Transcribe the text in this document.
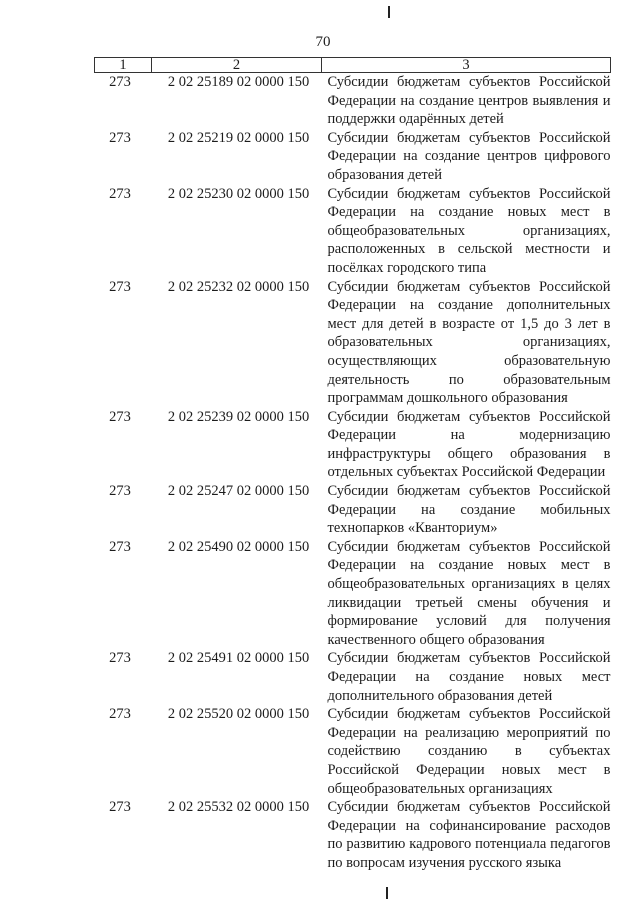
70
1	2	3
273	2 02 25189 02 0000 150	Субсидии бюджетам субъектов Российской Федерации на создание центров выявления и поддержки одарённых детей
273	2 02 25219 02 0000 150	Субсидии бюджетам субъектов Российской Федерации на создание центров цифрового образования детей
273	2 02 25230 02 0000 150	Субсидии бюджетам субъектов Российской Федерации на создание новых мест в общеобразовательных организациях, расположенных в сельской местности и посёлках городского типа
273	2 02 25232 02 0000 150	Субсидии бюджетам субъектов Российской Федерации на создание дополнительных мест для детей в возрасте от 1,5 до 3 лет в образовательных организациях, осуществляющих образовательную деятельность по образовательным программам дошкольного образования
273	2 02 25239 02 0000 150	Субсидии бюджетам субъектов Российской Федерации на модернизацию инфраструктуры общего образования в отдельных субъектах Российской Федерации
273	2 02 25247 02 0000 150	Субсидии бюджетам субъектов Российской Федерации на создание мобильных технопарков «Кванториум»
273	2 02 25490 02 0000 150	Субсидии бюджетам субъектов Российской Федерации на создание новых мест в общеобразовательных организациях в целях ликвидации третьей смены обучения и формирование условий для получения качественного общего образования
273	2 02 25491 02 0000 150	Субсидии бюджетам субъектов Российской Федерации на создание новых мест дополнительного образования детей
273	2 02 25520 02 0000 150	Субсидии бюджетам субъектов Российской Федерации на реализацию мероприятий по содействию созданию в субъектах Российской Федерации новых мест в общеобразовательных организациях
273	2 02 25532 02 0000 150	Субсидии бюджетам субъектов Российской Федерации на софинансирование расходов по развитию кадрового потенциала педагогов по вопросам изучения русского языка
